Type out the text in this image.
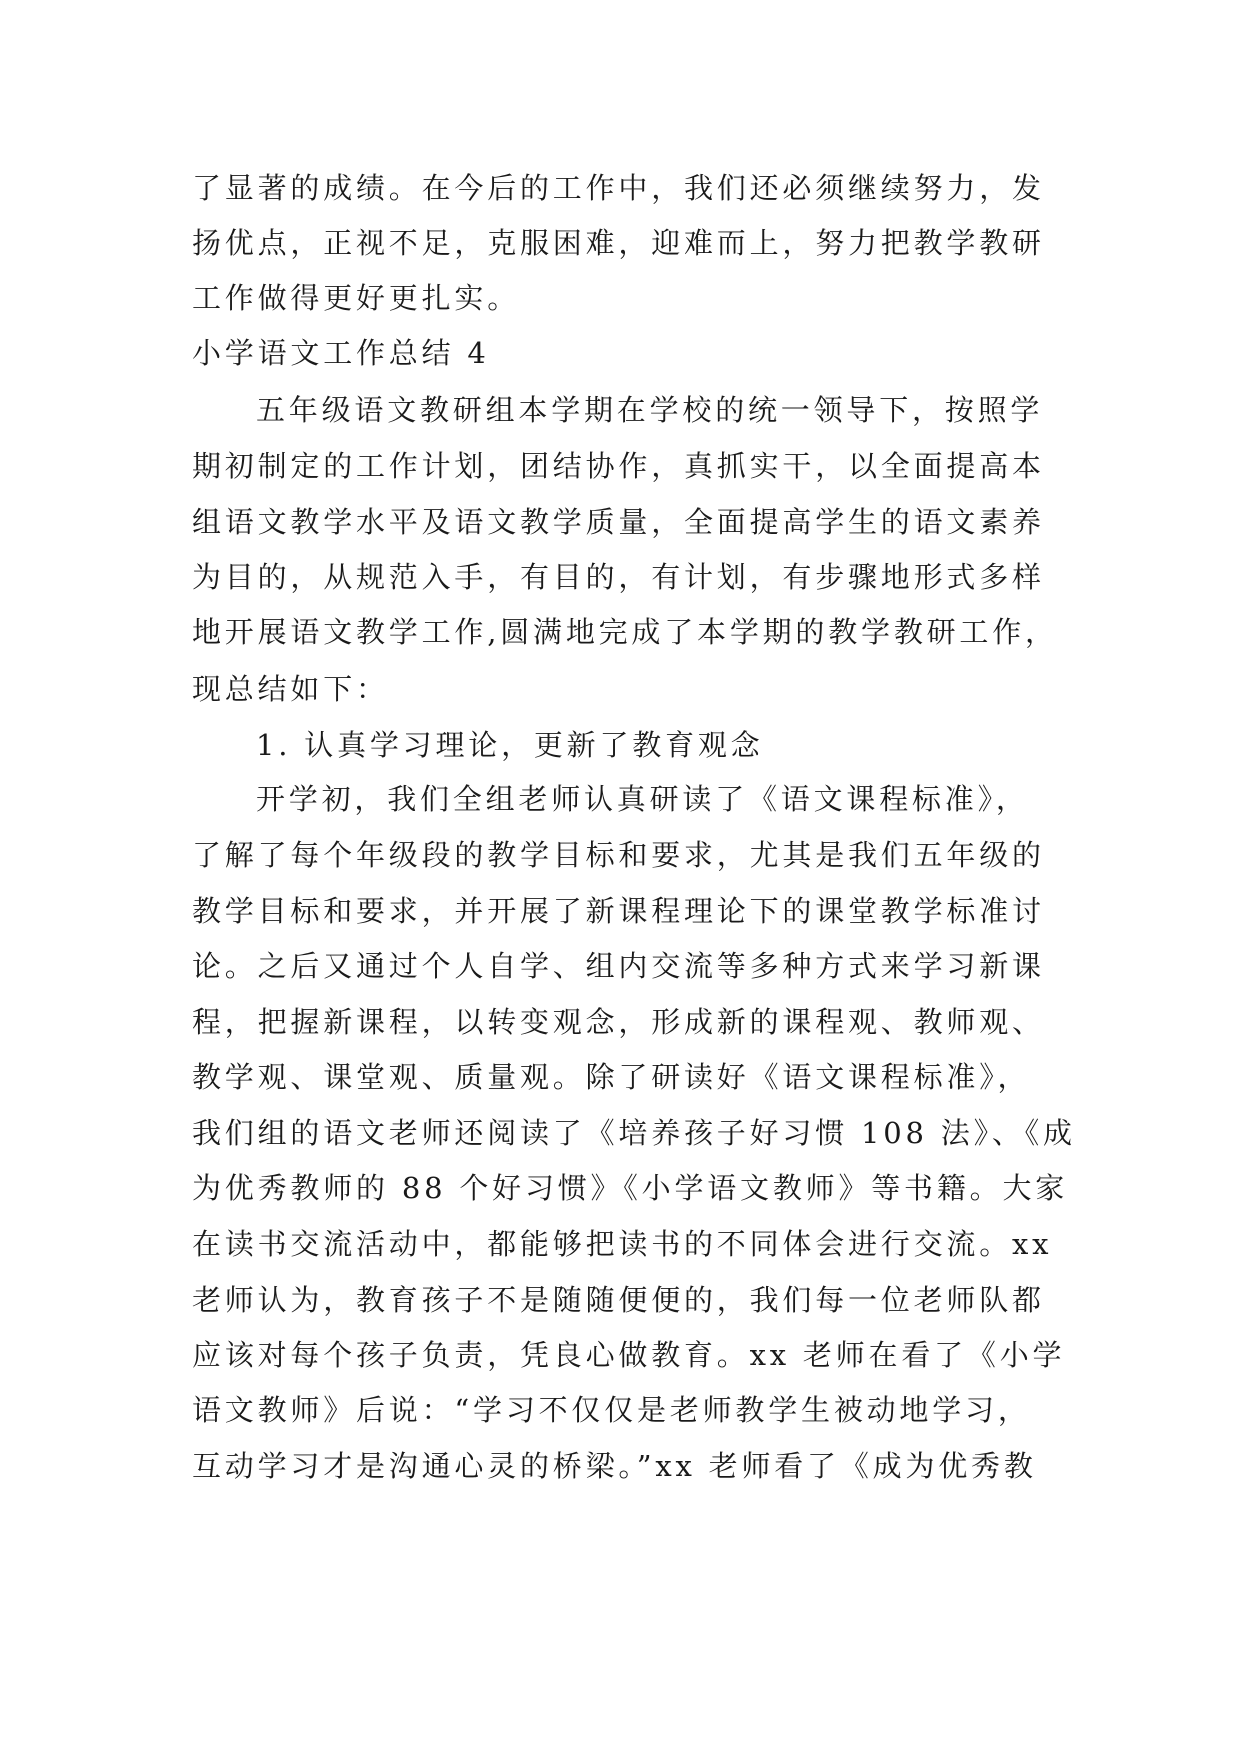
了显著的成绩。在今后的工作中，我们还必须继续努力，发
扬优点，正视不足，克服困难，迎难而上，努力把教学教研
工作做得更好更扎实。
小学语文工作总结 4
五年级语文教研组本学期在学校的统一领导下，按照学
期初制定的工作计划，团结协作，真抓实干，以全面提高本
组语文教学水平及语文教学质量，全面提高学生的语文素养
为目的，从规范入手，有目的，有计划，有步骤地形式多样
地开展语文教学工作,圆满地完成了本学期的教学教研工作，
现总结如下：
1. 认真学习理论，更新了教育观念
开学初，我们全组老师认真研读了《语文课程标准》，
了解了每个年级段的教学目标和要求，尤其是我们五年级的
教学目标和要求，并开展了新课程理论下的课堂教学标准讨
论。之后又通过个人自学、组内交流等多种方式来学习新课
程，把握新课程，以转变观念，形成新的课程观、教师观、
教学观、课堂观、质量观。除了研读好《语文课程标准》，
我们组的语文老师还阅读了《培养孩子好习惯 108 法》、《成
为优秀教师的 88 个好习惯》《小学语文教师》等书籍。大家
在读书交流活动中，都能够把读书的不同体会进行交流。xx
老师认为，教育孩子不是随随便便的，我们每一位老师队都
应该对每个孩子负责，凭良心做教育。xx 老师在看了《小学
语文教师》后说：“学习不仅仅是老师教学生被动地学习，
互动学习才是沟通心灵的桥梁。”xx 老师看了《成为优秀教
